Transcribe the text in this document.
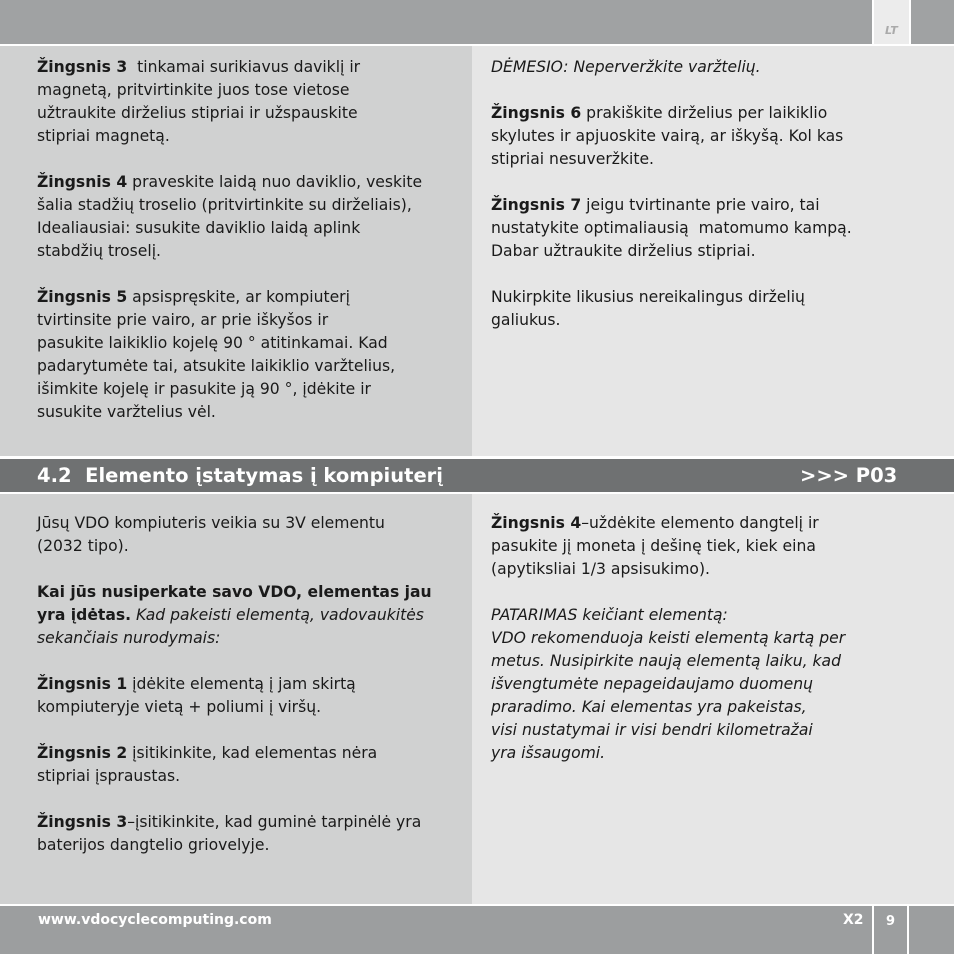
LT

Žingsnis 3  tinkamai surikiavus daviklį ir
magnetą, pritvirtinkite juos tose vietose
užtraukite dirželius stipriai ir užspauskite
stipriai magnetą.

Žingsnis 4 praveskite laidą nuo daviklio, veskite
šalia stadžių troselio (pritvirtinkite su dirželiais),
Idealiausiai: susukite daviklio laidą aplink
stabdžių troselį.

Žingsnis 5 apsispręskite, ar kompiuterį
tvirtinsite prie vairo, ar prie iškyšos ir
pasukite laikiklio kojelę 90 ° atitinkamai. Kad
padarytumėte tai, atsukite laikiklio varžtelius,
išimkite kojelę ir pasukite ją 90 °, įdėkite ir
susukite varžtelius vėl.

DĖMESIO: Neperveržkite varžtelių.

Žingsnis 6 prakiškite dirželius per laikiklio
skylutes ir apjuoskite vairą, ar iškyšą. Kol kas
stipriai nesuveržkite.

Žingsnis 7 jeigu tvirtinante prie vairo, tai
nustatykite optimaliausią  matomumo kampą.
Dabar užtraukite dirželius stipriai.

Nukirpkite likusius nereikalingus dirželių
galiukus.

4.2  Elemento įstatymas į kompiuterį	>>> P03

Jūsų VDO kompiuteris veikia su 3V elementu
(2032 tipo).

Kai jūs nusiperkate savo VDO, elementas jau
yra įdėtas. Kad pakeisti elementą, vadovaukitės
sekančiais nurodymais:

Žingsnis 1 įdėkite elementą į jam skirtą
kompiuteryje vietą + poliumi į viršų.

Žingsnis 2 įsitikinkite, kad elementas nėra
stipriai įspraustas.

Žingsnis 3–įsitikinkite, kad guminė tarpinėlė yra
baterijos dangtelio griovelyje.

Žingsnis 4–uždėkite elemento dangtelį ir
pasukite jį moneta į dešinę tiek, kiek eina
(apytiksliai 1/3 apsisukimo).

PATARIMAS keičiant elementą:
VDO rekomenduoja keisti elementą kartą per
metus. Nusipirkite naują elementą laiku, kad
išvengtumėte nepageidaujamo duomenų
praradimo. Kai elementas yra pakeistas,
visi nustatymai ir visi bendri kilometražai
yra išsaugomi.

www.vdocyclecomputing.com	X2	9
